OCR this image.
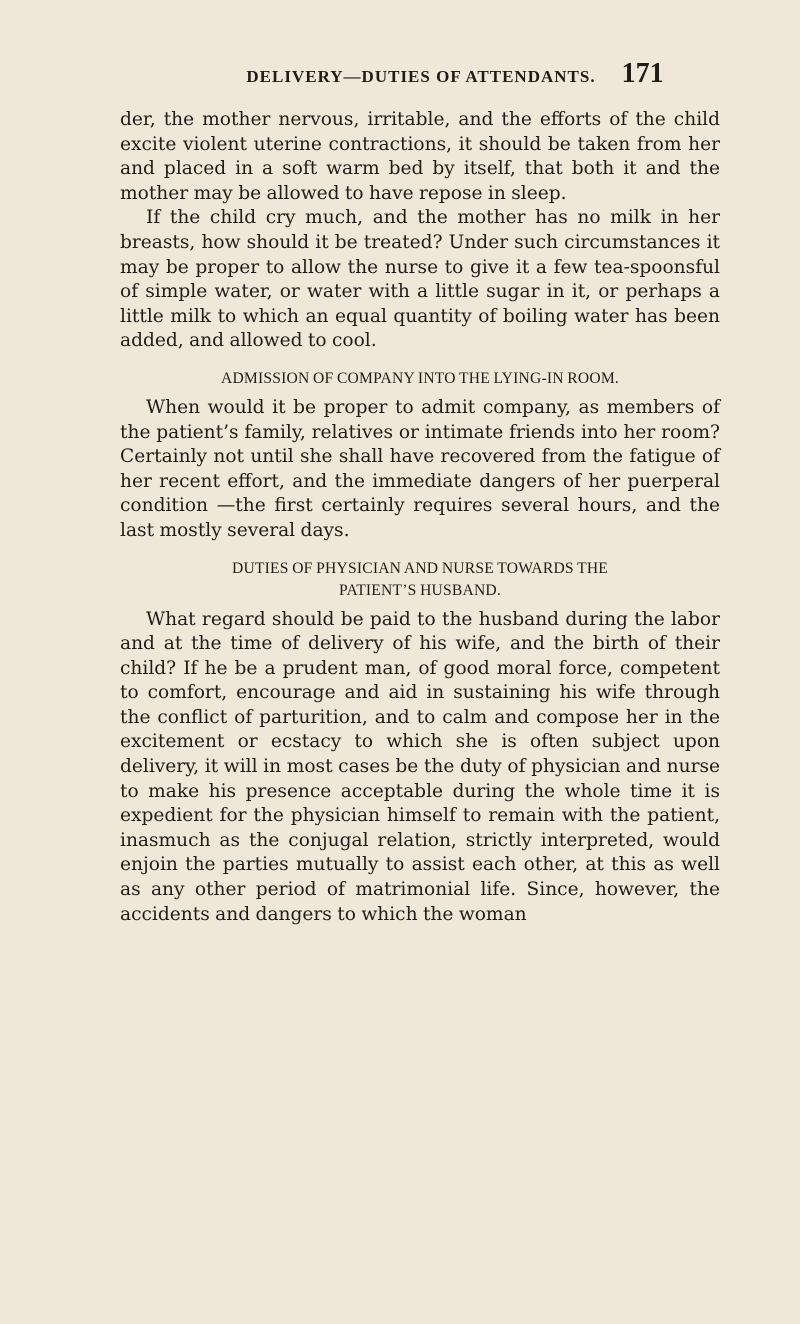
DELIVERY—DUTIES OF ATTENDANTS. 171

der, the mother nervous, irritable, and the efforts of the child excite violent uterine contractions, it should be taken from her and placed in a soft warm bed by itself, that both it and the mother may be allowed to have repose in sleep.

If the child cry much, and the mother has no milk in her breasts, how should it be treated? Under such circumstances it may be proper to allow the nurse to give it a few tea-spoonsful of simple water, or water with a little sugar in it, or perhaps a little milk to which an equal quantity of boiling water has been added, and allowed to cool.

ADMISSION OF COMPANY INTO THE LYING-IN ROOM.

When would it be proper to admit company, as members of the patient’s family, relatives or intimate friends into her room? Certainly not until she shall have recovered from the fatigue of her recent effort, and the immediate dangers of her puerperal condition —the first certainly requires several hours, and the last mostly several days.

DUTIES OF PHYSICIAN AND NURSE TOWARDS THE
PATIENT’S HUSBAND.

What regard should be paid to the husband during the labor and at the time of delivery of his wife, and the birth of their child? If he be a prudent man, of good moral force, competent to comfort, encourage and aid in sustaining his wife through the conflict of parturition, and to calm and compose her in the excitement or ecstacy to which she is often subject upon delivery, it will in most cases be the duty of physician and nurse to make his presence acceptable during the whole time it is expedient for the physician himself to remain with the patient, inasmuch as the conjugal relation, strictly interpreted, would enjoin the parties mutually to assist each other, at this as well as any other period of matrimonial life. Since, however, the accidents and dangers to which the woman
